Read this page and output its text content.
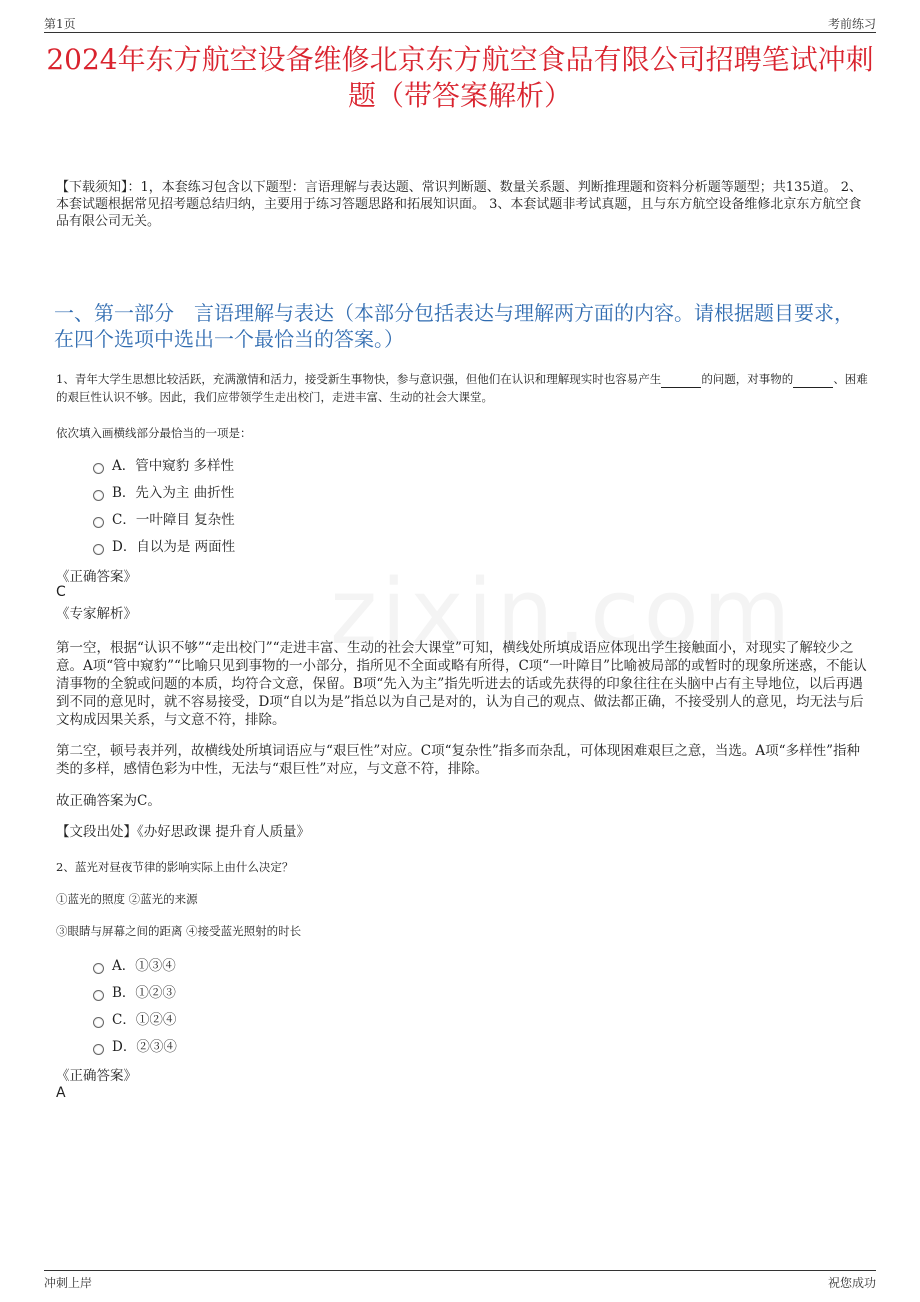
第1页	考前练习
2024年东方航空设备维修北京东方航空食品有限公司招聘笔试冲刺题（带答案解析）
【下载须知】：1，本套练习包含以下题型：言语理解与表达题、常识判断题、数量关系题、判断推理题和资料分析题等题型；共135道。 2、本套试题根据常见招考题总结归纳，主要用于练习答题思路和拓展知识面。 3、本套试题非考试真题，且与东方航空设备维修北京东方航空食品有限公司无关。
一、第一部分　言语理解与表达（本部分包括表达与理解两方面的内容。请根据题目要求，在四个选项中选出一个最恰当的答案。）
1、青年大学生思想比较活跃，充满激情和活力，接受新生事物快，参与意识强，但他们在认识和理解现实时也容易产生	的问题，对事物的	、困难的艰巨性认识不够。因此，我们应带领学生走出校门，走进丰富、生动的社会大课堂。
依次填入画横线部分最恰当的一项是：
A．管中窥豹 多样性
B．先入为主 曲折性
C．一叶障目 复杂性
D．自以为是 两面性
《正确答案》
C
《专家解析》
第一空，根据“认识不够”“走出校门”“走进丰富、生动的社会大课堂”可知，横线处所填成语应体现出学生接触面小，对现实了解较少之意。A项“管中窥豹”“比喻只见到事物的一小部分，指所见不全面或略有所得，C项“一叶障目”比喻被局部的或暂时的现象所迷惑，不能认清事物的全貌或问题的本质，均符合文意，保留。B项“先入为主”指先听进去的话或先获得的印象往往在头脑中占有主导地位，以后再遇到不同的意见时，就不容易接受，D项“自以为是”指总以为自己是对的，认为自己的观点、做法都正确，不接受别人的意见，均无法与后文构成因果关系，与文意不符，排除。
第二空，顿号表并列，故横线处所填词语应与“艰巨性”对应。C项“复杂性”指多而杂乱，可体现困难艰巨之意，当选。A项“多样性”指种类的多样，感情色彩为中性，无法与“艰巨性”对应，与文意不符，排除。
故正确答案为C。
【文段出处】《办好思政课 提升育人质量》
2、蓝光对昼夜节律的影响实际上由什么决定？
①蓝光的照度 ②蓝光的来源
③眼睛与屏幕之间的距离 ④接受蓝光照射的时长
A．①③④
B．①②③
C．①②④
D．②③④
《正确答案》
A
冲刺上岸	祝您成功
